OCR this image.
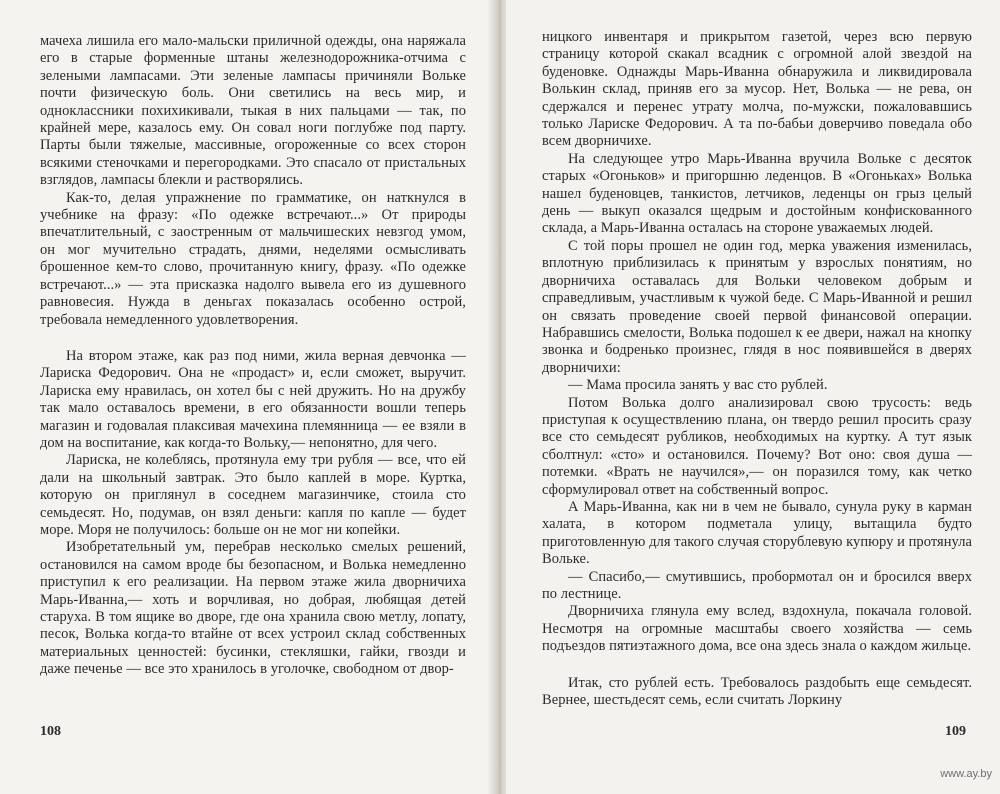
мачеха лишила его мало-мальски приличной одежды, она наряжала его в старые форменные штаны железнодорожника-отчима с зелеными лампасами. Эти зеленые лампасы причиняли Вольке почти физическую боль. Они светились на весь мир, и одноклассники похихикивали, тыкая в них пальцами — так, по крайней мере, казалось ему. Он совал ноги поглубже под парту. Парты были тяжелые, массивные, огороженные со всех сторон всякими стеночками и перегородками. Это спасало от пристальных взглядов, лампасы блекли и растворялись.

Как-то, делая упражнение по грамматике, он наткнулся в учебнике на фразу: «По одежке встречают...» От природы впечатлительный, с заостренным от мальчишеских невзгод умом, он мог мучительно страдать, днями, неделями осмысливать брошенное кем-то слово, прочитанную книгу, фразу. «По одежке встречают...» — эта присказка надолго вывела его из душевного равновесия. Нужда в деньгах показалась особенно острой, требовала немедленного удовлетворения.

На втором этаже, как раз под ними, жила верная девчонка — Лариска Федорович. Она не «продаст» и, если сможет, выручит. Лариска ему нравилась, он хотел бы с ней дружить. Но на дружбу так мало оставалось времени, в его обязанности вошли теперь магазин и годовалая плаксивая мачехина племянница — ее взяли в дом на воспитание, как когда-то Вольку,— непонятно, для чего.

Лариска, не колеблясь, протянула ему три рубля — все, что ей дали на школьный завтрак. Это было каплей в море. Куртка, которую он приглянул в соседнем магазинчике, стоила сто семьдесят. Но, подумав, он взял деньги: капля по капле — будет море. Моря не получилось: больше он не мог ни копейки.

Изобретательный ум, перебрав несколько смелых решений, остановился на самом вроде бы безопасном, и Волька немедленно приступил к его реализации. На первом этаже жила дворничиха Марь-Иванна,— хоть и ворчливая, но добрая, любящая детей старуха. В том ящике во дворе, где она хранила свою метлу, лопату, песок, Волька когда-то втайне от всех устроил склад собственных материальных ценностей: бусинки, стекляшки, гайки, гвозди и даже печенье — все это хранилось в уголочке, свободном от двор-

108

ницкого инвентаря и прикрытом газетой, через всю первую страницу которой скакал всадник с огромной алой звездой на буденовке. Однажды Марь-Иванна обнаружила и ликвидировала Волькин склад, приняв его за мусор. Нет, Волька — не рева, он сдержался и перенес утрату молча, по-мужски, пожаловавшись только Лариске Федорович. А та по-бабьи доверчиво поведала обо всем дворничихе.

На следующее утро Марь-Иванна вручила Вольке с десяток старых «Огоньков» и пригоршню леденцов. В «Огоньках» Волька нашел буденовцев, танкистов, летчиков, леденцы он грыз целый день — выкуп оказался щедрым и достойным конфискованного склада, а Марь-Иванна осталась на стороне уважаемых людей.

С той поры прошел не один год, мерка уважения изменилась, вплотную приблизилась к принятым у взрослых понятиям, но дворничиха оставалась для Вольки человеком добрым и справедливым, участливым к чужой беде. С Марь-Иванной и решил он связать проведение своей первой финансовой операции. Набравшись смелости, Волька подошел к ее двери, нажал на кнопку звонка и бодренько произнес, глядя в нос появившейся в дверях дворничихи:

— Мама просила занять у вас сто рублей.

Потом Волька долго анализировал свою трусость: ведь приступая к осуществлению плана, он твердо решил просить сразу все сто семьдесят рубликов, необходимых на куртку. А тут язык сболтнул: «сто» и остановился. Почему? Вот оно: своя душа — потемки. «Врать не научился»,— он поразился тому, как четко сформулировал ответ на собственный вопрос.

А Марь-Иванна, как ни в чем не бывало, сунула руку в карман халата, в котором подметала улицу, вытащила будто приготовленную для такого случая сторублевую купюру и протянула Вольке.

— Спасибо,— смутившись, пробормотал он и бросился вверх по лестнице.

Дворничиха глянула ему вслед, вздохнула, покачала головой. Несмотря на огромные масштабы своего хозяйства — семь подъездов пятиэтажного дома, все она здесь знала о каждом жильце.

Итак, сто рублей есть. Требовалось раздобыть еще семьдесят. Вернее, шестьдесят семь, если считать Лоркину

109
www.ay.by
